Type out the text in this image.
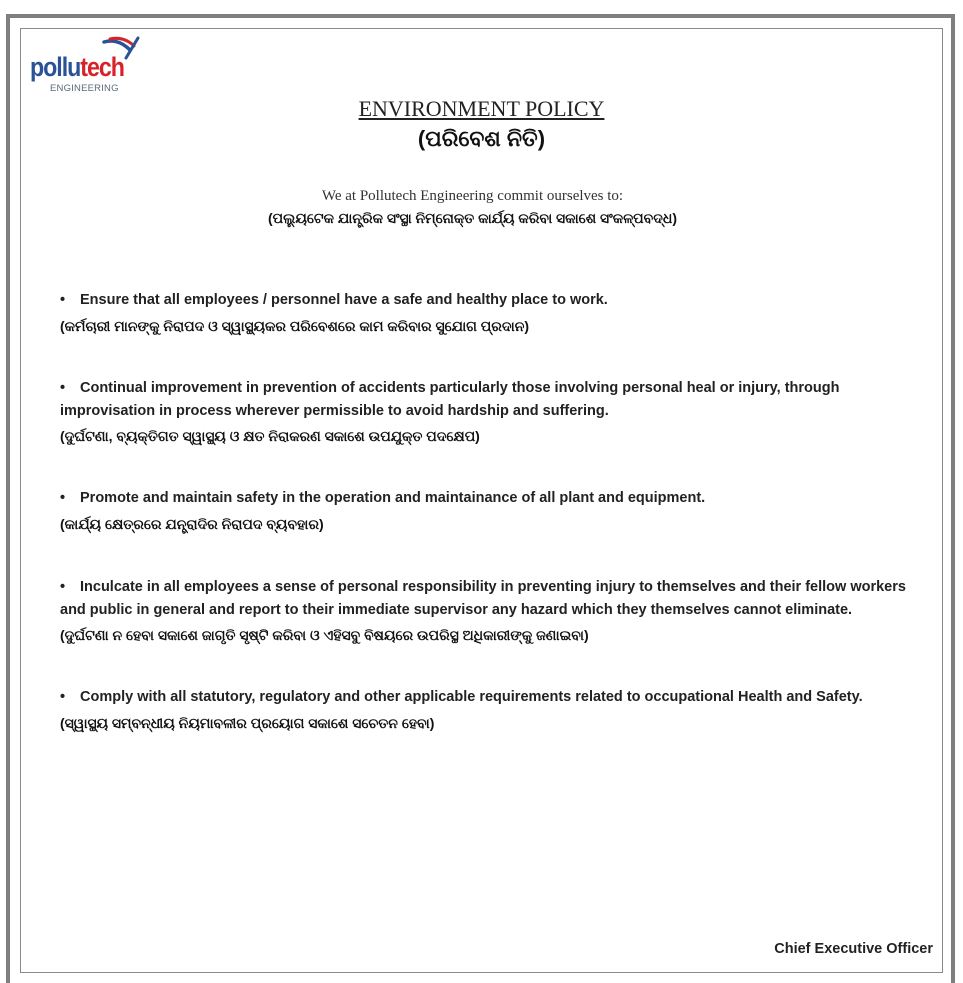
pollutech
ENGINEERING
ENVIRONMENT POLICY
(ପରିବେଶ ନିତି)
We at Pollutech Engineering commit ourselves to:
(ପଲ୍ୟୁଟେକ ଯାନ୍ତ୍ରିକ ସଂସ୍ଥା ନିମ୍ନୋକ୍ତ କାର୍ଯ୍ୟ କରିବା ସକାଶେ ସଂକଳ୍ପବଦ୍ଧ)
• Ensure that all employees / personnel have a safe and healthy place to work.
(କର୍ମଚାରୀ ମାନଙ୍କୁ ନିରାପଦ ଓ ସ୍ୱାସ୍ଥ୍ୟକର ପରିବେଶରେ କାମ କରିବାର ସୁଯୋଗ ପ୍ରଦାନ)
• Continual improvement in prevention of accidents particularly those involving personal heal or injury, through improvisation in process wherever permissible to avoid hardship and suffering.
(ଦୁର୍ଘଟଣା, ବ୍ୟକ୍ତିଗତ ସ୍ୱାସ୍ଥ୍ୟ ଓ କ୍ଷତ ନିରାକରଣ ସକାଶେ ଉପଯୁକ୍ତ ପଦକ୍ଷେପ)
• Promote and maintain safety in the operation and maintainance of all plant and equipment.
(କାର୍ଯ୍ୟ କ୍ଷେତ୍ରରେ ଯନ୍ତ୍ରାଦିର ନିରାପଦ ବ୍ୟବହାର)
• Inculcate in all employees a sense of personal responsibility in preventing injury to themselves and their fellow workers and public in general and report to their immediate supervisor any hazard which they themselves cannot eliminate.
(ଦୁର୍ଘଟଣା ନ ହେବା ସକାଶେ ଜାଗୃତି ସୃଷ୍ଟି କରିବା ଓ ଏହିସବୁ ବିଷୟରେ ଉପରିସ୍ଥ ଅଧିକାରୀଙ୍କୁ ଜଣାଇବା)
• Comply with all statutory, regulatory and other applicable requirements related to occupational Health and Safety.
(ସ୍ୱାସ୍ଥ୍ୟ ସମ୍ବନ୍ଧୀୟ ନିୟମାବଳୀର ପ୍ରୟୋଗ ସକାଶେ ସଚେତନ ହେବା)
Chief Executive Officer
